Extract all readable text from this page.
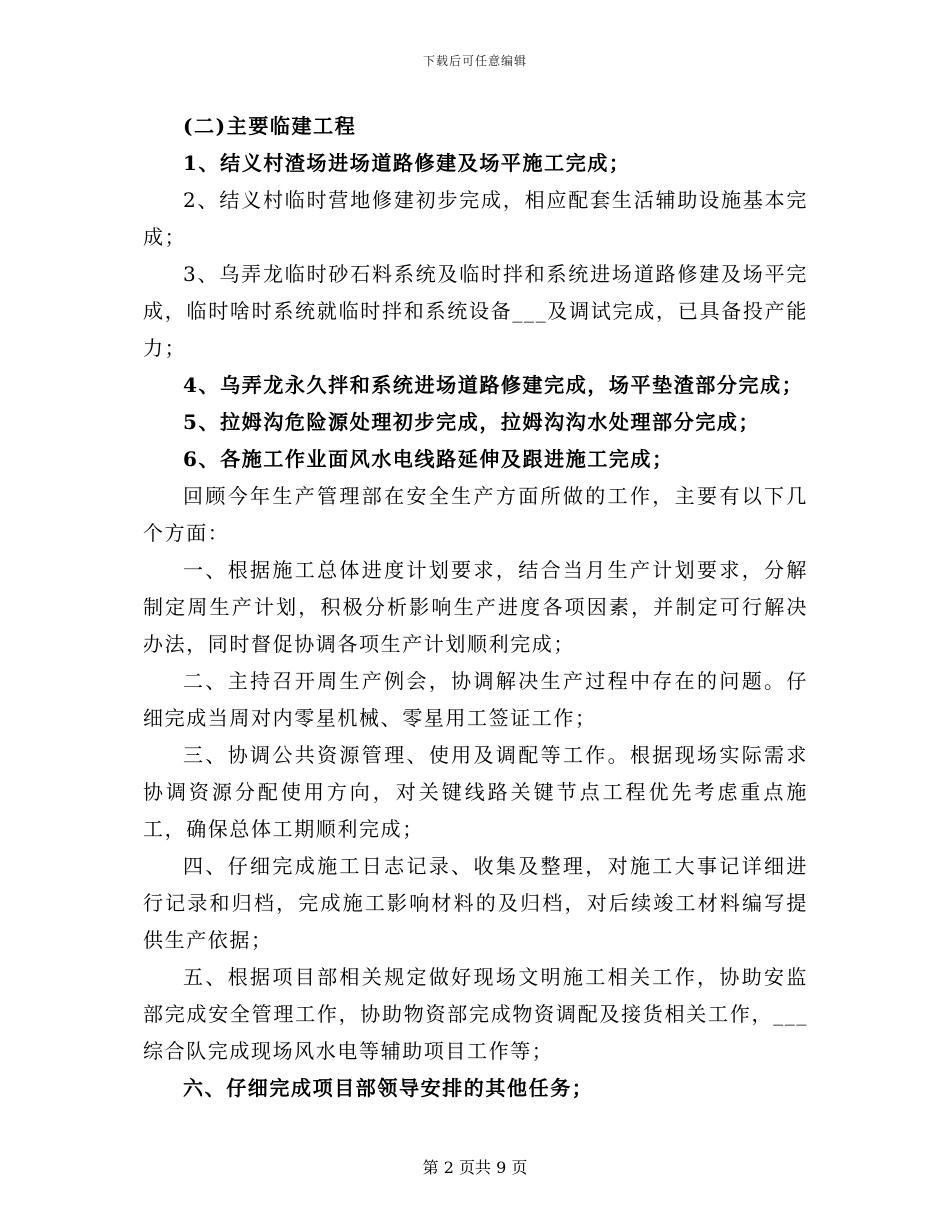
下载后可任意编辑

(二)主要临建工程

1、结义村渣场进场道路修建及场平施工完成；

2、结义村临时营地修建初步完成，相应配套生活辅助设施基本完成；

3、乌弄龙临时砂石料系统及临时拌和系统进场道路修建及场平完成，临时啥时系统就临时拌和系统设备___及调试完成，已具备投产能力；

4、乌弄龙永久拌和系统进场道路修建完成，场平垫渣部分完成；

5、拉姆沟危险源处理初步完成，拉姆沟沟水处理部分完成；

6、各施工作业面风水电线路延伸及跟进施工完成；

回顾今年生产管理部在安全生产方面所做的工作，主要有以下几个方面：

一、根据施工总体进度计划要求，结合当月生产计划要求，分解制定周生产计划，积极分析影响生产进度各项因素，并制定可行解决办法，同时督促协调各项生产计划顺利完成；

二、主持召开周生产例会，协调解决生产过程中存在的问题。仔细完成当周对内零星机械、零星用工签证工作；

三、协调公共资源管理、使用及调配等工作。根据现场实际需求协调资源分配使用方向，对关键线路关键节点工程优先考虑重点施工，确保总体工期顺利完成；

四、仔细完成施工日志记录、收集及整理，对施工大事记详细进行记录和归档，完成施工影响材料的及归档，对后续竣工材料编写提供生产依据；

五、根据项目部相关规定做好现场文明施工相关工作，协助安监部完成安全管理工作，协助物资部完成物资调配及接货相关工作，___综合队完成现场风水电等辅助项目工作等；

六、仔细完成项目部领导安排的其他任务；

第 2 页共 9 页
